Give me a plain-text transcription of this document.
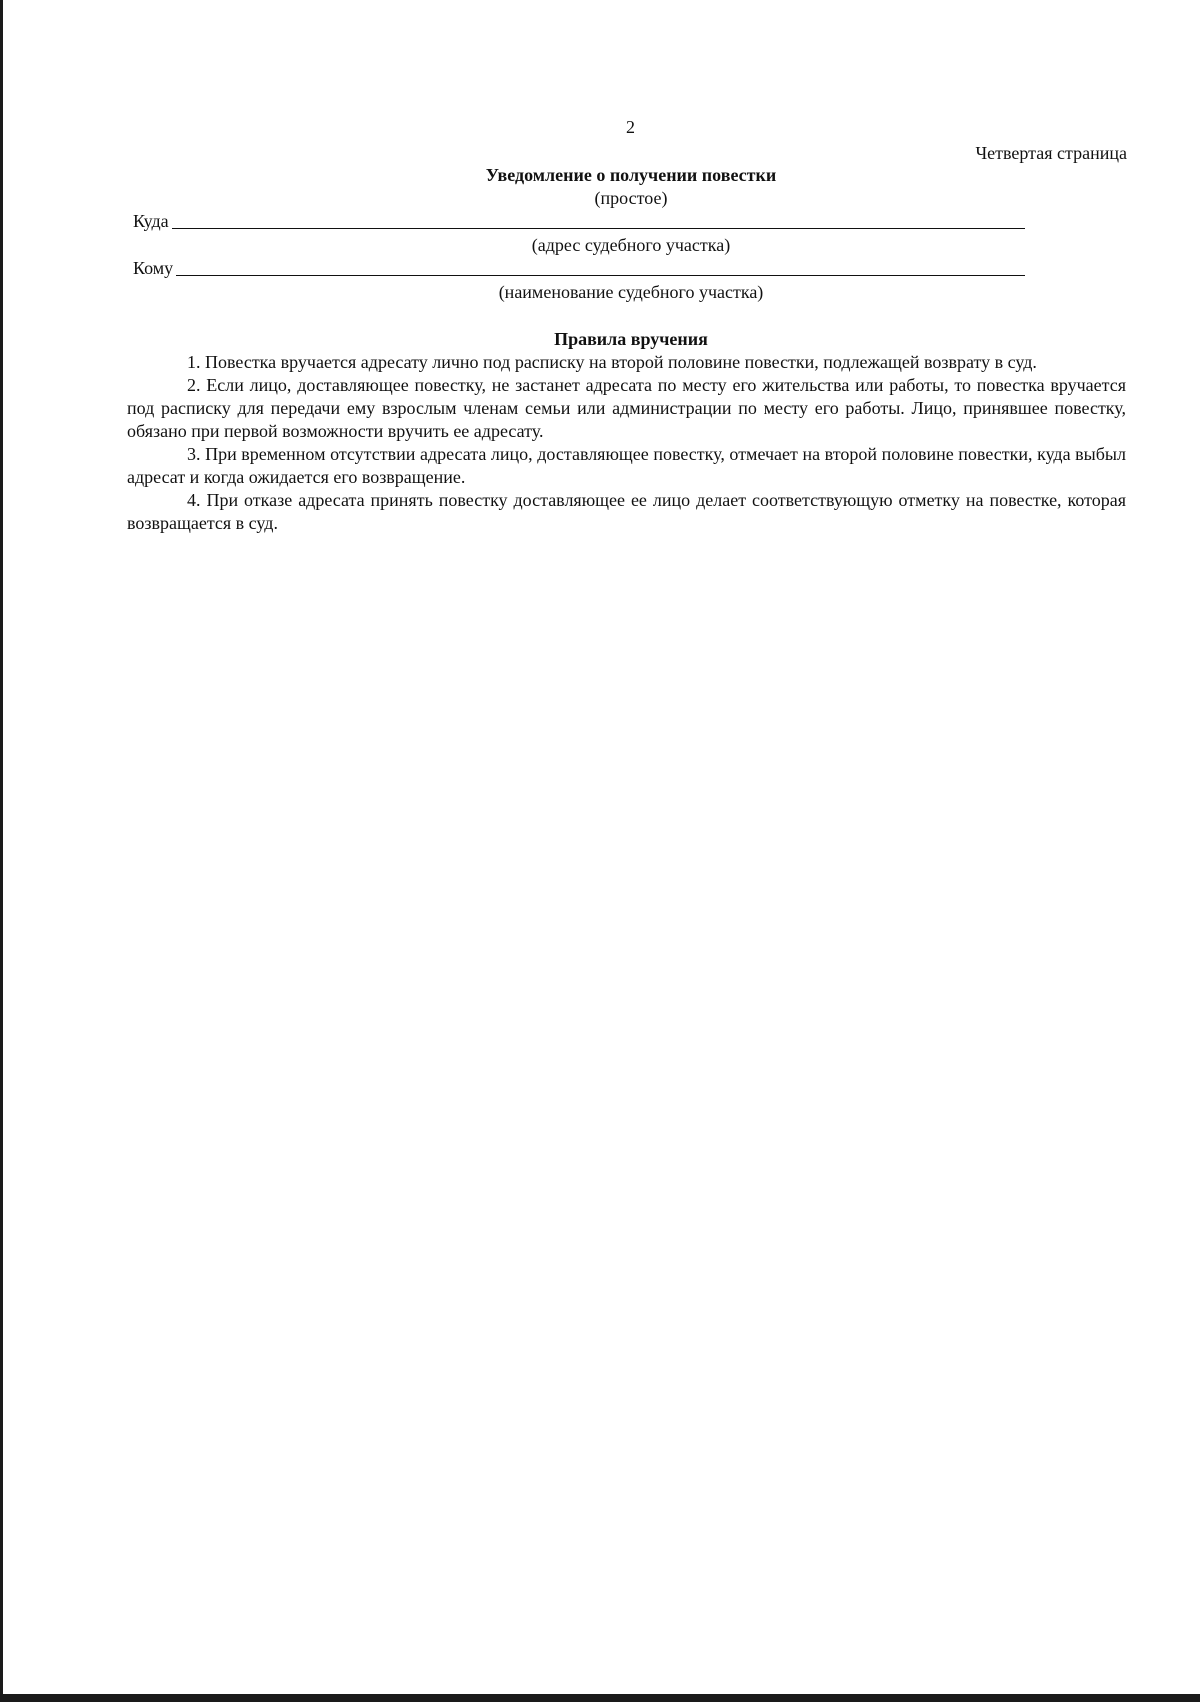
2
Четвертая страница
Уведомление о получении повестки
(простое)
Куда
(адрес судебного участка)
Кому
(наименование судебного участка)
Правила вручения

1. Повестка вручается адресату лично под расписку на второй половине повестки, подлежащей возврату в суд.

2. Если лицо, доставляющее повестку, не застанет адресата по месту его жительства или работы, то повестка вручается под расписку для передачи ему взрослым членам семьи или администрации по месту его работы. Лицо, принявшее повестку, обязано при первой возможности вручить ее адресату.

3. При временном отсутствии адресата лицо, доставляющее повестку, отмечает на второй половине повестки, куда выбыл адресат и когда ожидается его возвращение.

4. При отказе адресата принять повестку доставляющее ее лицо делает соответствующую отметку на повестке, которая возвращается в суд.
